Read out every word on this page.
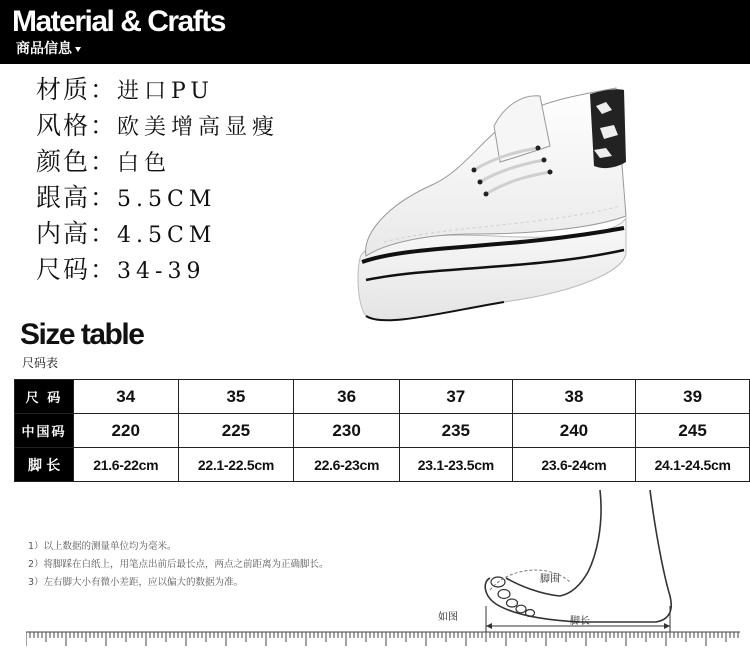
Material & Crafts
商品信息
材质：进口PU
风格：欧美增高显瘦
颜色：白色
跟高：5.5CM
内高：4.5CM
尺码：34-39
Size table
尺码表
尺 码	34	35	36	37	38	39
中国码	220	225	230	235	240	245
脚 长	21.6-22cm	22.1-22.5cm	22.6-23cm	23.1-23.5cm	23.6-24cm	24.1-24.5cm
1）以上数据的测量单位均为毫米。
2）将脚踩在白纸上，用笔点出前后最长点，两点之前距离为正确脚长。
3）左右脚大小有微小差距，应以偏大的数据为准。	脚围
如图	脚长
